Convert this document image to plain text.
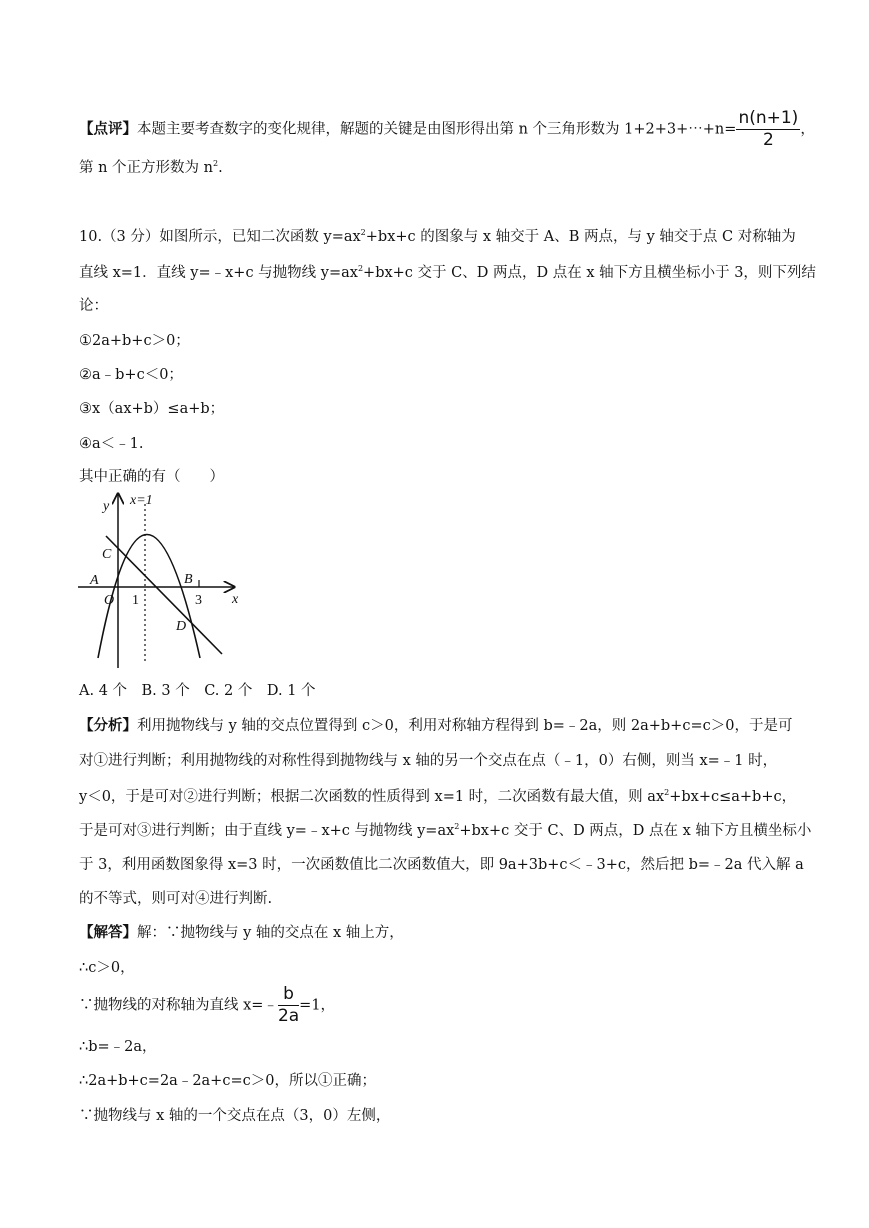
【点评】本题主要考查数字的变化规律，解题的关键是由图形得出第 n 个三角形数为 1+2+3+⋯+n= $\frac{n(n+1)}{2}$ ，
第 n 个正方形数为 $n^2$.
10.（3 分）如图所示，已知二次函数 $y=ax^2+bx+c$ 的图象与 x 轴交于 A、B 两点，与 y 轴交于点 C 对称轴为
直线 x=1．直线 y=﹣x+c 与抛物线 $y=ax^2+bx+c$ 交于 C、D 两点，D 点在 x 轴下方且横坐标小于 3，则下列结
论：
①2a+b+c＞0；
②a﹣b+c＜0；
③x（ax+b）≤a+b；
④a＜﹣1.
其中正确的有（　　）
y x=1
x
C
A	B
O
D
1	3
A. 4 个　B. 3 个　C. 2 个　D. 1 个
【分析】利用抛物线与 y 轴的交点位置得到 c＞0，利用对称轴方程得到 b=﹣2a，则 2a+b+c=c＞0，于是可
对①进行判断；利用抛物线的对称性得到抛物线与 x 轴的另一个交点在点（﹣1，0）右侧，则当 x=﹣1 时，
y＜0，于是可对②进行判断；根据二次函数的性质得到 x=1 时，二次函数有最大值，则 $ax^2+bx+c\le a+b+c$，
于是可对③进行判断；由于直线 y=﹣x+c 与抛物线 $y=ax^2+bx+c$ 交于 C、D 两点，D 点在 x 轴下方且横坐标小
于 3，利用函数图象得 x=3 时，一次函数值比二次函数值大，即 9a+3b+c＜﹣3+c，然后把 b=﹣2a 代入解 a
的不等式，则可对④进行判断.
【解答】解：∵抛物线与 y 轴的交点在 x 轴上方，
∴c＞0，
∵抛物线的对称轴为直线 x=﹣ $\frac{b}{2a} =1$，
∴b=﹣2a，
∴2a+b+c=2a﹣2a+c=c＞0，所以①正确；
∵抛物线与 x 轴的一个交点在点（3，0）左侧，
